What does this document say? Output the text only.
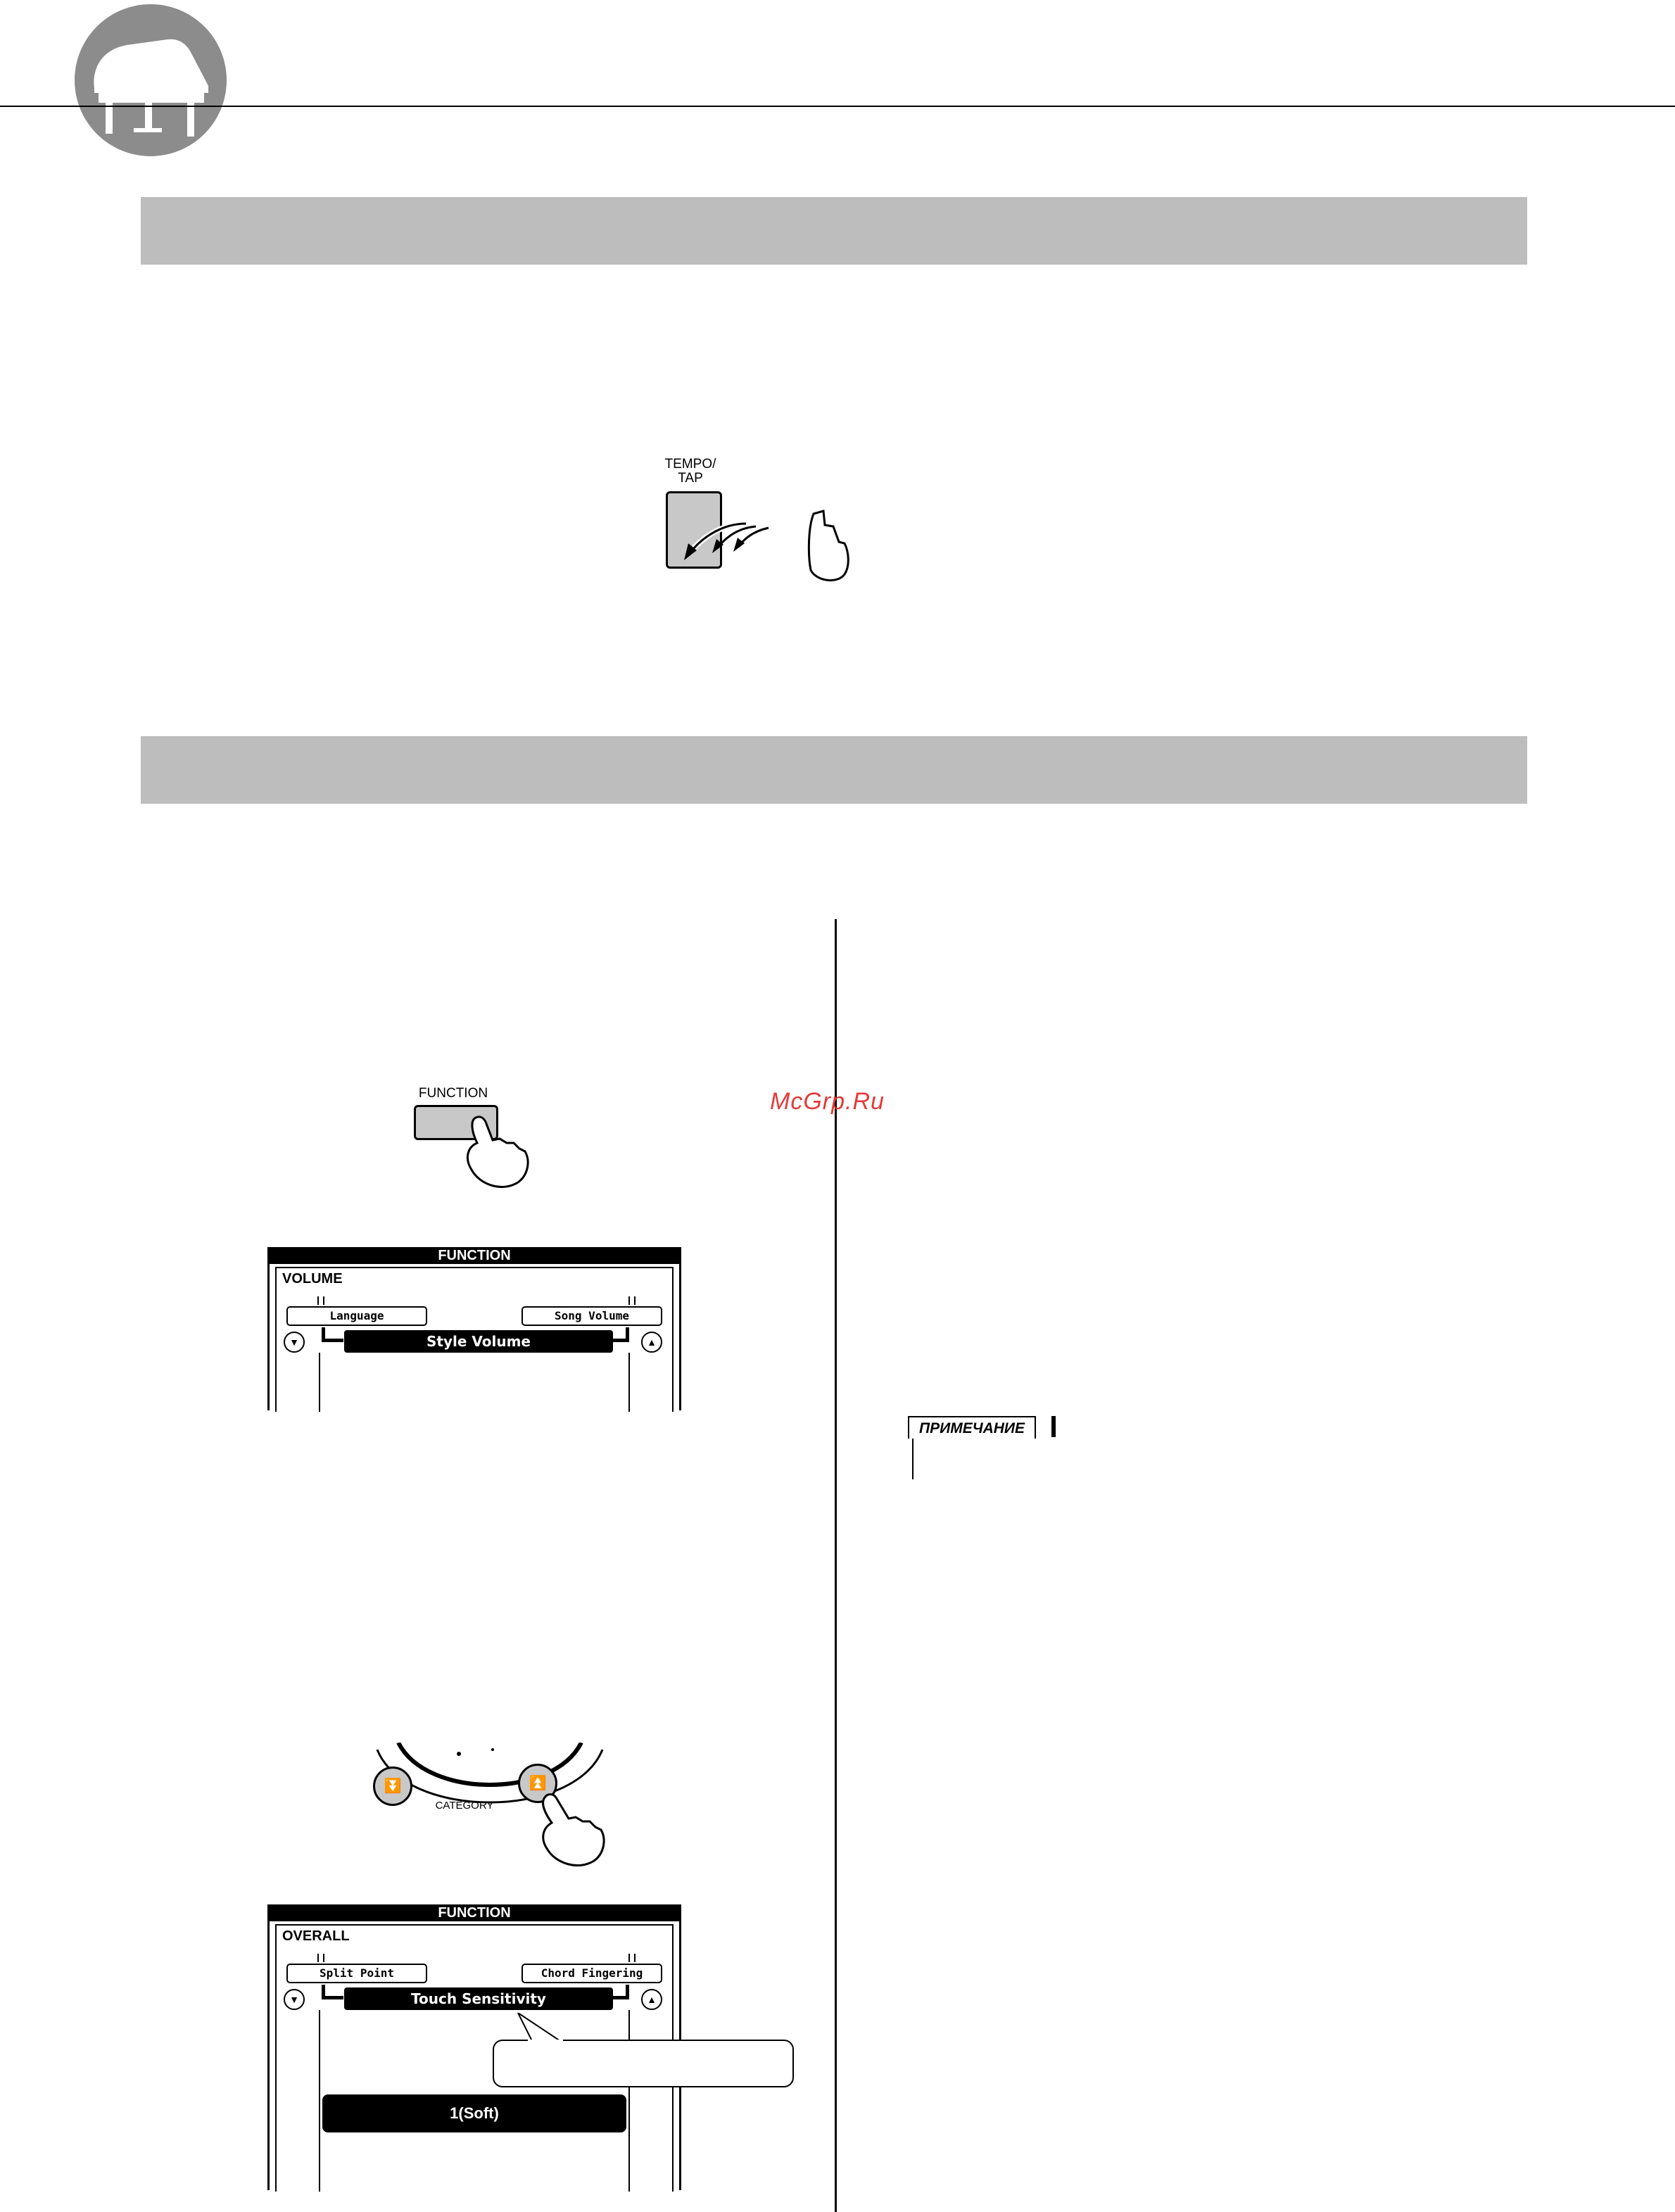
TEMPO/
TAP
McGrp.Ru
FUNCTION
FUNCTION
VOLUME
Language	Song Volume
▼	▲
Style Volume
⏬	⏫
CATEGORY
FUNCTION
OVERALL
Split Point	Chord Fingering
▼	▲
Touch Sensitivity
1(Soft)
ПРИМЕЧАНИЕ
